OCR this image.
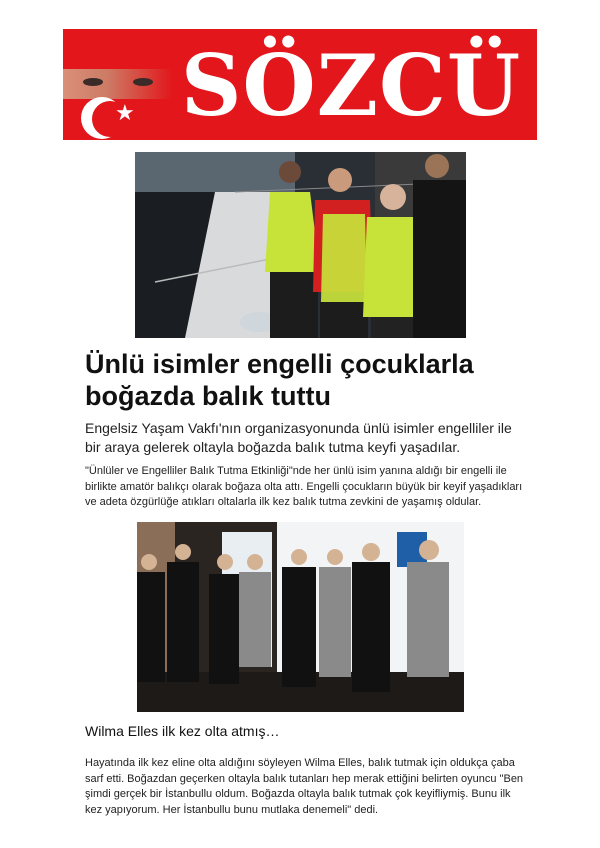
★ SÖZCÜ
Ünlü isimler engelli çocuklarla boğazda balık tuttu
Engelsiz Yaşam Vakfı'nın organizasyonunda ünlü isimler engelliler ile bir araya gelerek oltayla boğazda balık tutma keyfi yaşadılar.
"Ünlüler ve Engelliler Balık Tutma Etkinliği"nde her ünlü isim yanına aldığı bir engelli ile birlikte amatör balıkçı olarak boğaza olta attı. Engelli çocukların büyük bir keyif yaşadıkları ve adeta özgürlüğe atıkları oltalarla ilk kez balık tutma zevkini de yaşamış oldular.
Wilma Elles ilk kez olta atmış…
Hayatında ilk kez eline olta aldığını söyleyen Wilma Elles, balık tutmak için oldukça çaba sarf etti. Boğazdan geçerken oltayla balık tutanları hep merak ettiğini belirten oyuncu "Ben şimdi gerçek bir İstanbullu oldum. Boğazda oltayla balık tutmak çok keyifliymiş. Bunu ilk kez yapıyorum. Her İstanbullu bunu mutlaka denemeli" dedi.
